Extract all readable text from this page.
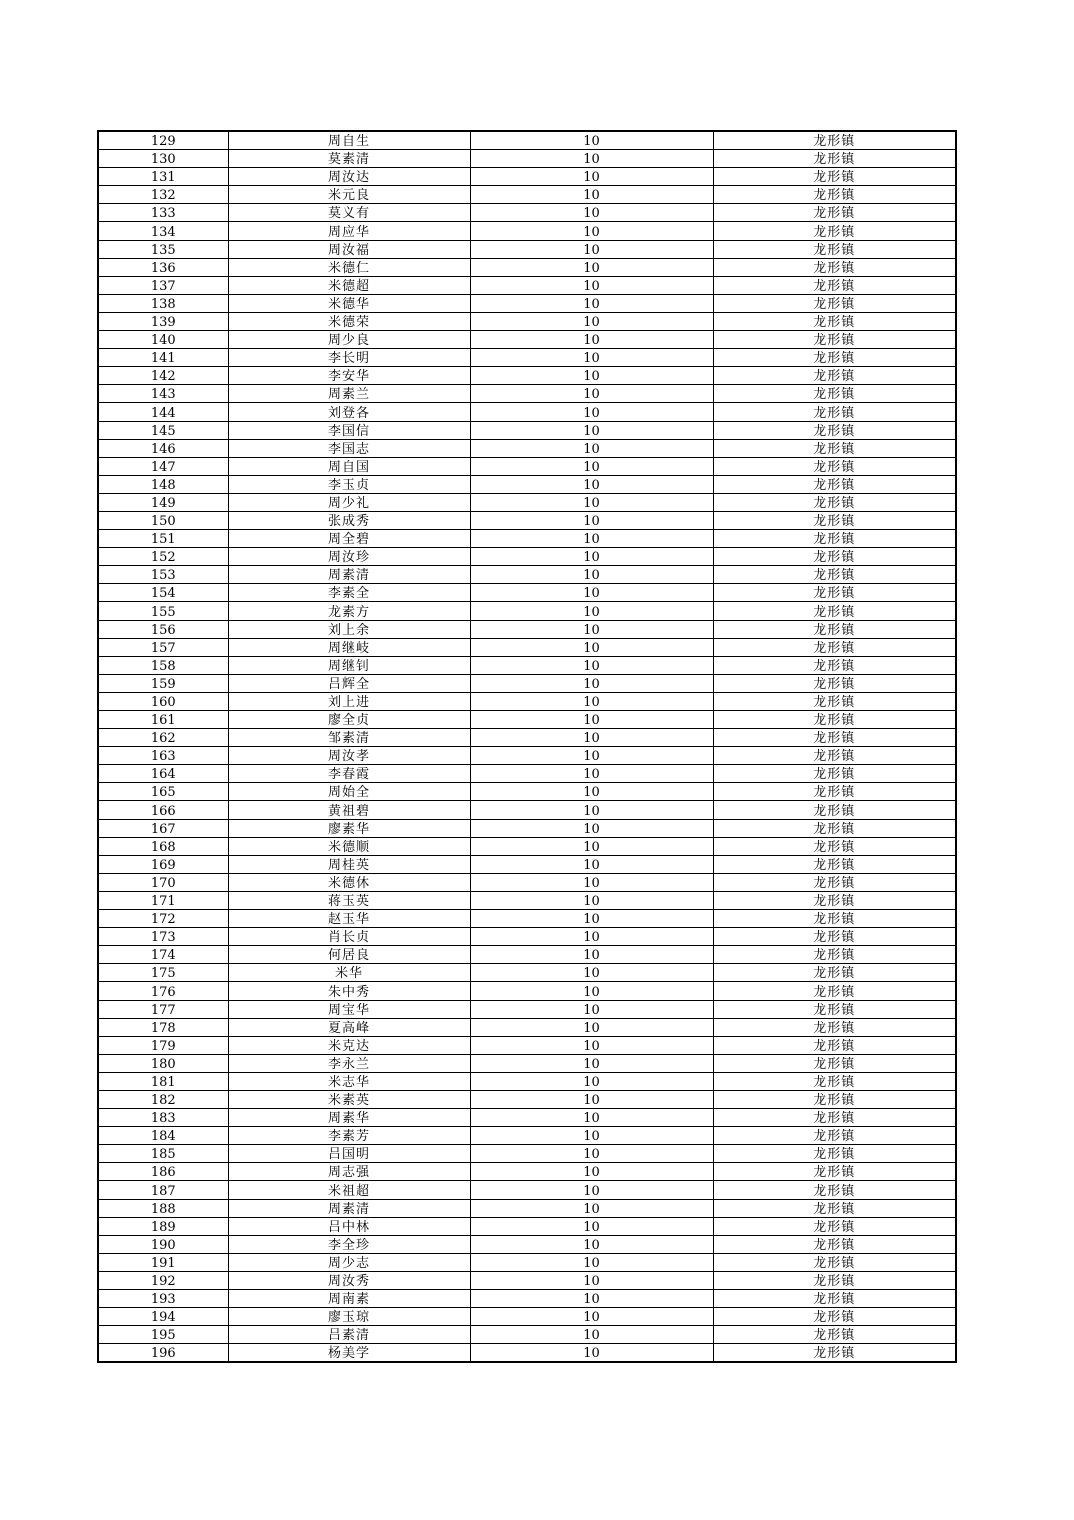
129	周自生	10	龙形镇
130	莫素清	10	龙形镇
131	周汝达	10	龙形镇
132	米元良	10	龙形镇
133	莫义有	10	龙形镇
134	周应华	10	龙形镇
135	周汝福	10	龙形镇
136	米德仁	10	龙形镇
137	米德超	10	龙形镇
138	米德华	10	龙形镇
139	米德荣	10	龙形镇
140	周少良	10	龙形镇
141	李长明	10	龙形镇
142	李安华	10	龙形镇
143	周素兰	10	龙形镇
144	刘登各	10	龙形镇
145	李国信	10	龙形镇
146	李国志	10	龙形镇
147	周自国	10	龙形镇
148	李玉贞	10	龙形镇
149	周少礼	10	龙形镇
150	张成秀	10	龙形镇
151	周全碧	10	龙形镇
152	周汝珍	10	龙形镇
153	周素清	10	龙形镇
154	李素全	10	龙形镇
155	龙素方	10	龙形镇
156	刘上余	10	龙形镇
157	周继岐	10	龙形镇
158	周继钊	10	龙形镇
159	吕辉全	10	龙形镇
160	刘上进	10	龙形镇
161	廖全贞	10	龙形镇
162	邹素清	10	龙形镇
163	周汝孝	10	龙形镇
164	李春霞	10	龙形镇
165	周始全	10	龙形镇
166	黄祖碧	10	龙形镇
167	廖素华	10	龙形镇
168	米德顺	10	龙形镇
169	周桂英	10	龙形镇
170	米德休	10	龙形镇
171	蒋玉英	10	龙形镇
172	赵玉华	10	龙形镇
173	肖长贞	10	龙形镇
174	何居良	10	龙形镇
175	米华	10	龙形镇
176	朱中秀	10	龙形镇
177	周宝华	10	龙形镇
178	夏高峰	10	龙形镇
179	米克达	10	龙形镇
180	李永兰	10	龙形镇
181	米志华	10	龙形镇
182	米素英	10	龙形镇
183	周素华	10	龙形镇
184	李素芳	10	龙形镇
185	吕国明	10	龙形镇
186	周志强	10	龙形镇
187	米祖超	10	龙形镇
188	周素清	10	龙形镇
189	吕中林	10	龙形镇
190	李全珍	10	龙形镇
191	周少志	10	龙形镇
192	周汝秀	10	龙形镇
193	周南素	10	龙形镇
194	廖玉琼	10	龙形镇
195	吕素清	10	龙形镇
196	杨美学	10	龙形镇
